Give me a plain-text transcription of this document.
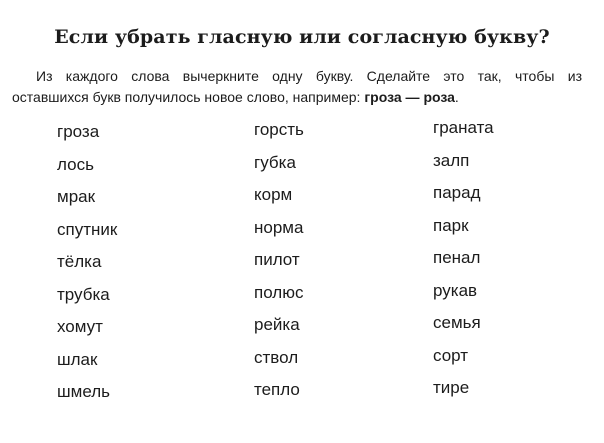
Если убрать гласную или согласную букву?
Из каждого слова вычеркните одну букву. Сделайте это так, чтобы из
оставшихся букв получилось новое слово, например: гроза — роза.
гроза
лось
мрак
спутник
тёлка
трубка
хомут
шлак
шмель
горсть
губка
корм
норма
пилот
полюс
рейка
ствол
тепло
граната
залп
парад
парк
пенал
рукав
семья
сорт
тире
